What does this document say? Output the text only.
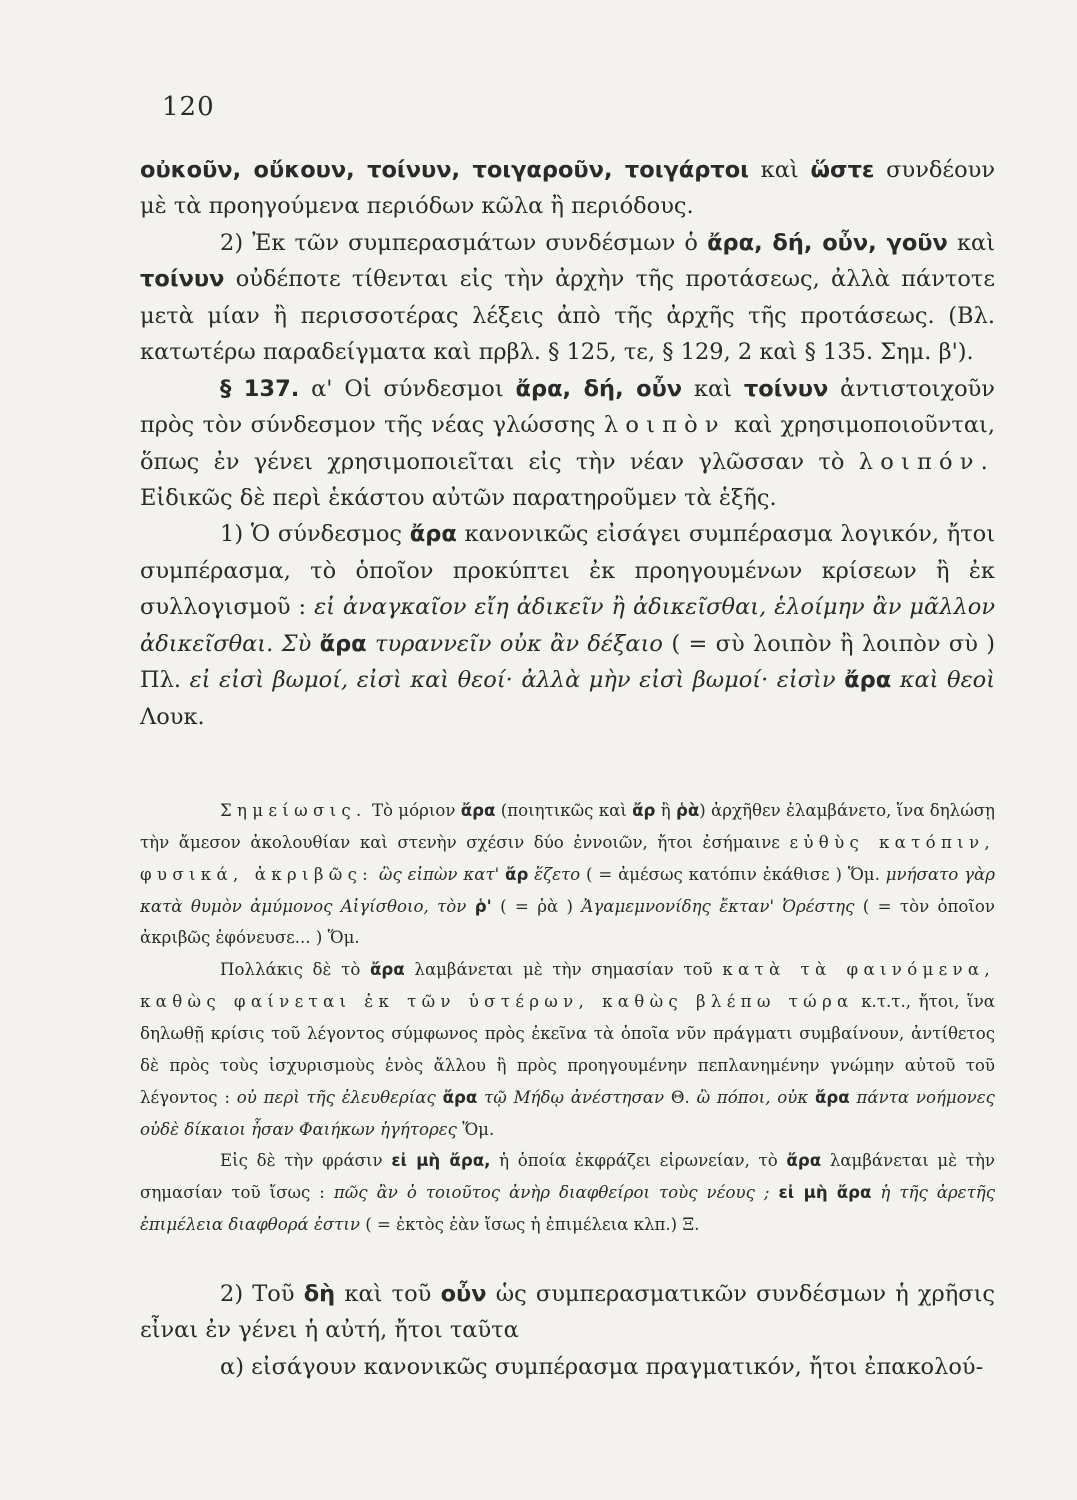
120

οὐκοῦν, οὔκουν, τοίνυν, τοιγαροῦν, τοιγάρτοι καὶ ὥστε συνδέουν μὲ τὰ προηγούμενα περιόδων κῶλα ἢ περιόδους.

2) Ἐκ τῶν συμπερασμάτων συνδέσμων ὁ ἄρα, δή, οὖν, γοῦν καὶ τοίνυν οὐδέποτε τίθενται εἰς τὴν ἀρχὴν τῆς προτάσεως, ἀλλὰ πάντοτε μετὰ μίαν ἢ περισσοτέρας λέξεις ἀπὸ τῆς ἀρχῆς τῆς προτάσεως. (Βλ. κατωτέρω παραδείγματα καὶ πρβλ. § 125, τε, § 129, 2 καὶ § 135. Σημ. β').

§ 137. α' Οἱ σύνδεσμοι ἄρα, δή, οὖν καὶ τοίνυν ἀντιστοιχοῦν πρὸς τὸν σύνδεσμον τῆς νέας γλώσσης λοιπὸν καὶ χρησιμοποιοῦνται, ὅπως ἐν γένει χρησιμοποιεῖται εἰς τὴν νέαν γλῶσσαν τὸ λοιπόν. Εἰδικῶς δὲ περὶ ἑκάστου αὐτῶν παρατηροῦμεν τὰ ἑξῆς.

1) Ὁ σύνδεσμος ἄρα κανονικῶς εἰσάγει συμπέρασμα λογικόν, ἤτοι συμπέρασμα, τὸ ὁποῖον προκύπτει ἐκ προηγουμένων κρίσεων ἢ ἐκ συλλογισμοῦ : εἰ ἀναγκαῖον εἴη ἀδικεῖν ἢ ἀδικεῖσθαι, ἑλοίμην ἂν μᾶλλον ἀδικεῖσθαι. Σὺ ἄρα τυραννεῖν οὐκ ἂν δέξαιο ( = σὺ λοιπὸν ἢ λοιπὸν σὺ ) Πλ. εἰ εἰσὶ βωμοί, εἰσὶ καὶ θεοί· ἀλλὰ μὴν εἰσὶ βωμοί· εἰσὶν ἄρα καὶ θεοὶ Λουκ.

Σημείωσις. Τὸ μόριον ἄρα (ποιητικῶς καὶ ἄρ ἢ ῥὰ) ἀρχῆθεν ἐλαμβάνετο, ἵνα δηλώσῃ τὴν ἄμεσον ἀκολουθίαν καὶ στενὴν σχέσιν δύο ἐννοιῶν, ἤτοι ἐσήμαινε εὐθὺς κατόπιν, φυσικά, ἀκριβῶς: ὣς εἰπὼν κατ' ἄρ ἕζετο ( = ἀμέσως κατόπιν ἐκάθισε ) Ὅμ. μνήσατο γὰρ κατὰ θυμὸν ἀμύμονος Αἰγίσθοιο, τὸν ῥ' ( = ῥὰ ) Ἀγαμεμνονίδης ἔκταν' Ὀρέστης ( = τὸν ὁποῖον ἀκριβῶς ἐφόνευσε... ) Ὅμ.

Πολλάκις δὲ τὸ ἄρα λαμβάνεται μὲ τὴν σημασίαν τοῦ κατὰ τὰ φαινόμενα, καθὼς φαίνεται ἐκ τῶν ὑστέρων, καθὼς βλέπω τώρα κ.τ.τ., ἤτοι, ἵνα δηλωθῇ κρίσις τοῦ λέγοντος σύμφωνος πρὸς ἐκεῖνα τὰ ὁποῖα νῦν πράγματι συμβαίνουν, ἀντίθετος δὲ πρὸς τοὺς ἰσχυρισμοὺς ἑνὸς ἄλλου ἢ πρὸς προηγουμένην πεπλανημένην γνώμην αὐτοῦ τοῦ λέγοντος : οὐ περὶ τῆς ἐλευθερίας ἄρα τῷ Μήδῳ ἀνέστησαν Θ. ὢ πόποι, οὐκ ἄρα πάντα νοήμονες οὐδὲ δίκαιοι ἦσαν Φαιήκων ἡγήτορες Ὅμ.

Εἰς δὲ τὴν φράσιν εἰ μὴ ἄρα, ἡ ὁποία ἐκφράζει εἰρωνείαν, τὸ ἄρα λαμβάνεται μὲ τὴν σημασίαν τοῦ ἴσως : πῶς ἂν ὁ τοιοῦτος ἀνὴρ διαφθείροι τοὺς νέους ; εἰ μὴ ἄρα ἡ τῆς ἀρετῆς ἐπιμέλεια διαφθορά ἐστιν ( = ἐκτὸς ἐὰν ἴσως ἡ ἐπιμέλεια κλπ.) Ξ.

2) Τοῦ δὴ καὶ τοῦ οὖν ὡς συμπερασματικῶν συνδέσμων ἡ χρῆσις εἶναι ἐν γένει ἡ αὐτή, ἤτοι ταῦτα

α) εἰσάγουν κανονικῶς συμπέρασμα πραγματικόν, ἤτοι ἐπακολού-
